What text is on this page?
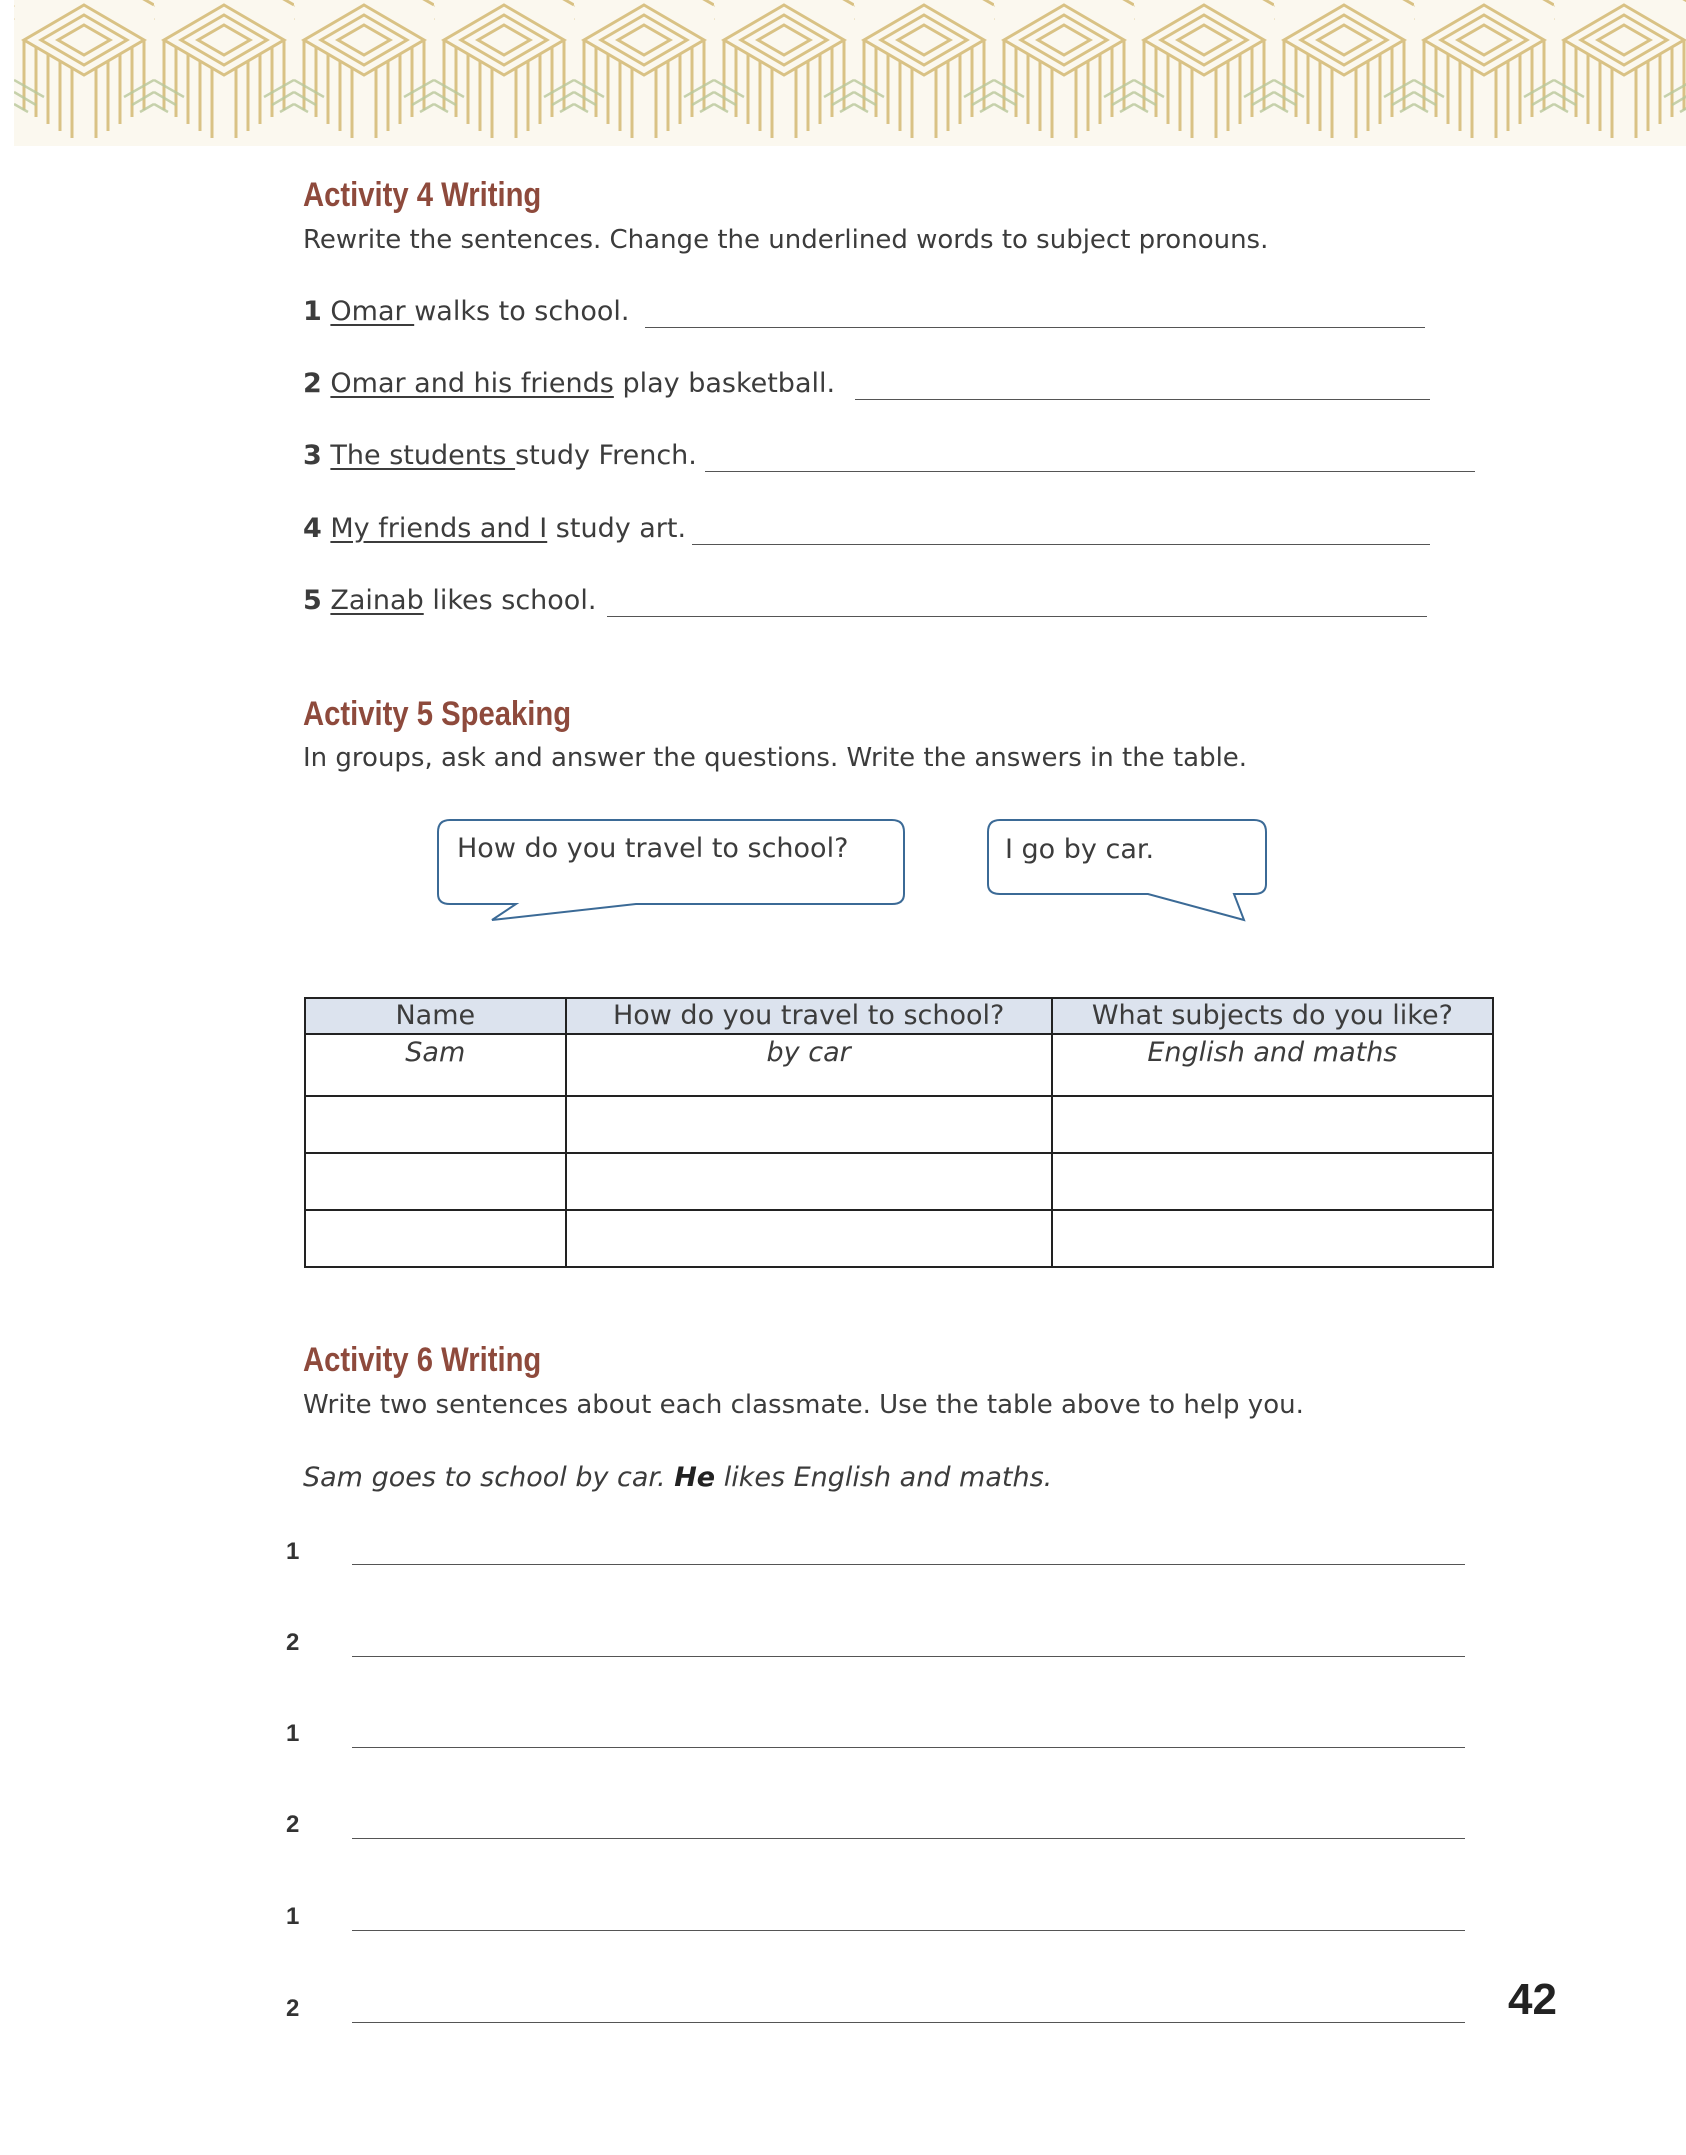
Activity 4 Writing
Rewrite the sentences. Change the underlined words to subject pronouns.
1 Omar walks to school.
2 Omar and his friends play basketball.
3 The students study French.
4 My friends and I study art.
5 Zainab likes school.
Activity 5 Speaking
In groups, ask and answer the questions. Write the answers in the table.
How do you travel to school?	I go by car.
Name	How do you travel to school?	What subjects do you like?
Sam	by car	English and maths

Activity 6 Writing
Write two sentences about each classmate. Use the table above to help you.
Sam goes to school by car. He likes English and maths.
1
2
1
2
1
2	42
